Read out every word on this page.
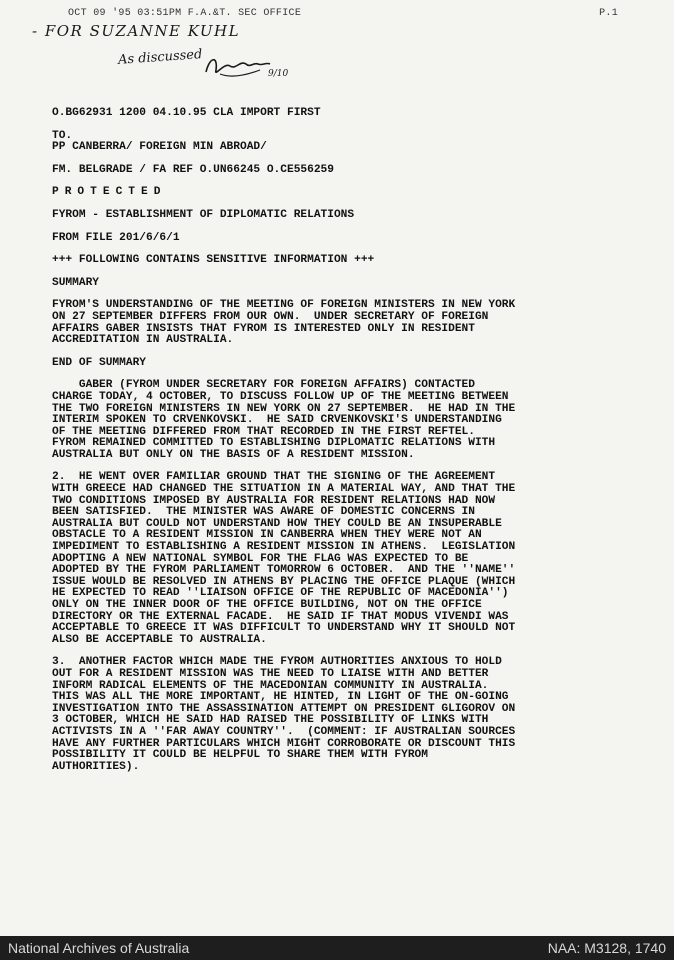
OCT 09 '95 03:51PM F.A.&T. SEC OFFICE	P.1
- FOR SUZANNE KUHL
As discussed
9/10
O.BG62931 1200 04.10.95 CLA IMPORT FIRST
TO.
PP CANBERRA/ FOREIGN MIN ABROAD/
FM. BELGRADE / FA REF O.UN66245 O.CE556259
PROTECTED
FYROM - ESTABLISHMENT OF DIPLOMATIC RELATIONS
FROM FILE 201/6/6/1
+++ FOLLOWING CONTAINS SENSITIVE INFORMATION +++
SUMMARY
FYROM'S UNDERSTANDING OF THE MEETING OF FOREIGN MINISTERS IN NEW YORK
ON 27 SEPTEMBER DIFFERS FROM OUR OWN.  UNDER SECRETARY OF FOREIGN
AFFAIRS GABER INSISTS THAT FYROM IS INTERESTED ONLY IN RESIDENT
ACCREDITATION IN AUSTRALIA.
END OF SUMMARY
GABER (FYROM UNDER SECRETARY FOR FOREIGN AFFAIRS) CONTACTED
CHARGE TODAY, 4 OCTOBER, TO DISCUSS FOLLOW UP OF THE MEETING BETWEEN
THE TWO FOREIGN MINISTERS IN NEW YORK ON 27 SEPTEMBER.  HE HAD IN THE
INTERIM SPOKEN TO CRVENKOVSKI.  HE SAID CRVENKOVSKI'S UNDERSTANDING
OF THE MEETING DIFFERED FROM THAT RECORDED IN THE FIRST REFTEL.
FYROM REMAINED COMMITTED TO ESTABLISHING DIPLOMATIC RELATIONS WITH
AUSTRALIA BUT ONLY ON THE BASIS OF A RESIDENT MISSION.
2.  HE WENT OVER FAMILIAR GROUND THAT THE SIGNING OF THE AGREEMENT
WITH GREECE HAD CHANGED THE SITUATION IN A MATERIAL WAY, AND THAT THE
TWO CONDITIONS IMPOSED BY AUSTRALIA FOR RESIDENT RELATIONS HAD NOW
BEEN SATISFIED.  THE MINISTER WAS AWARE OF DOMESTIC CONCERNS IN
AUSTRALIA BUT COULD NOT UNDERSTAND HOW THEY COULD BE AN INSUPERABLE
OBSTACLE TO A RESIDENT MISSION IN CANBERRA WHEN THEY WERE NOT AN
IMPEDIMENT TO ESTABLISHING A RESIDENT MISSION IN ATHENS.  LEGISLATION
ADOPTING A NEW NATIONAL SYMBOL FOR THE FLAG WAS EXPECTED TO BE
ADOPTED BY THE FYROM PARLIAMENT TOMORROW 6 OCTOBER.  AND THE ''NAME''
ISSUE WOULD BE RESOLVED IN ATHENS BY PLACING THE OFFICE PLAQUE (WHICH
HE EXPECTED TO READ ''LIAISON OFFICE OF THE REPUBLIC OF MACEDONIA'')
ONLY ON THE INNER DOOR OF THE OFFICE BUILDING, NOT ON THE OFFICE
DIRECTORY OR THE EXTERNAL FACADE.  HE SAID IF THAT MODUS VIVENDI WAS
ACCEPTABLE TO GREECE IT WAS DIFFICULT TO UNDERSTAND WHY IT SHOULD NOT
ALSO BE ACCEPTABLE TO AUSTRALIA.
3.  ANOTHER FACTOR WHICH MADE THE FYROM AUTHORITIES ANXIOUS TO HOLD
OUT FOR A RESIDENT MISSION WAS THE NEED TO LIAISE WITH AND BETTER
INFORM RADICAL ELEMENTS OF THE MACEDONIAN COMMUNITY IN AUSTRALIA.
THIS WAS ALL THE MORE IMPORTANT, HE HINTED, IN LIGHT OF THE ON-GOING
INVESTIGATION INTO THE ASSASSINATION ATTEMPT ON PRESIDENT GLIGOROV ON
3 OCTOBER, WHICH HE SAID HAD RAISED THE POSSIBILITY OF LINKS WITH
ACTIVISTS IN A ''FAR AWAY COUNTRY''.  (COMMENT: IF AUSTRALIAN SOURCES
HAVE ANY FURTHER PARTICULARS WHICH MIGHT CORROBORATE OR DISCOUNT THIS
POSSIBILITY IT COULD BE HELPFUL TO SHARE THEM WITH FYROM
AUTHORITIES).
National Archives of Australia	NAA: M3128, 1740
